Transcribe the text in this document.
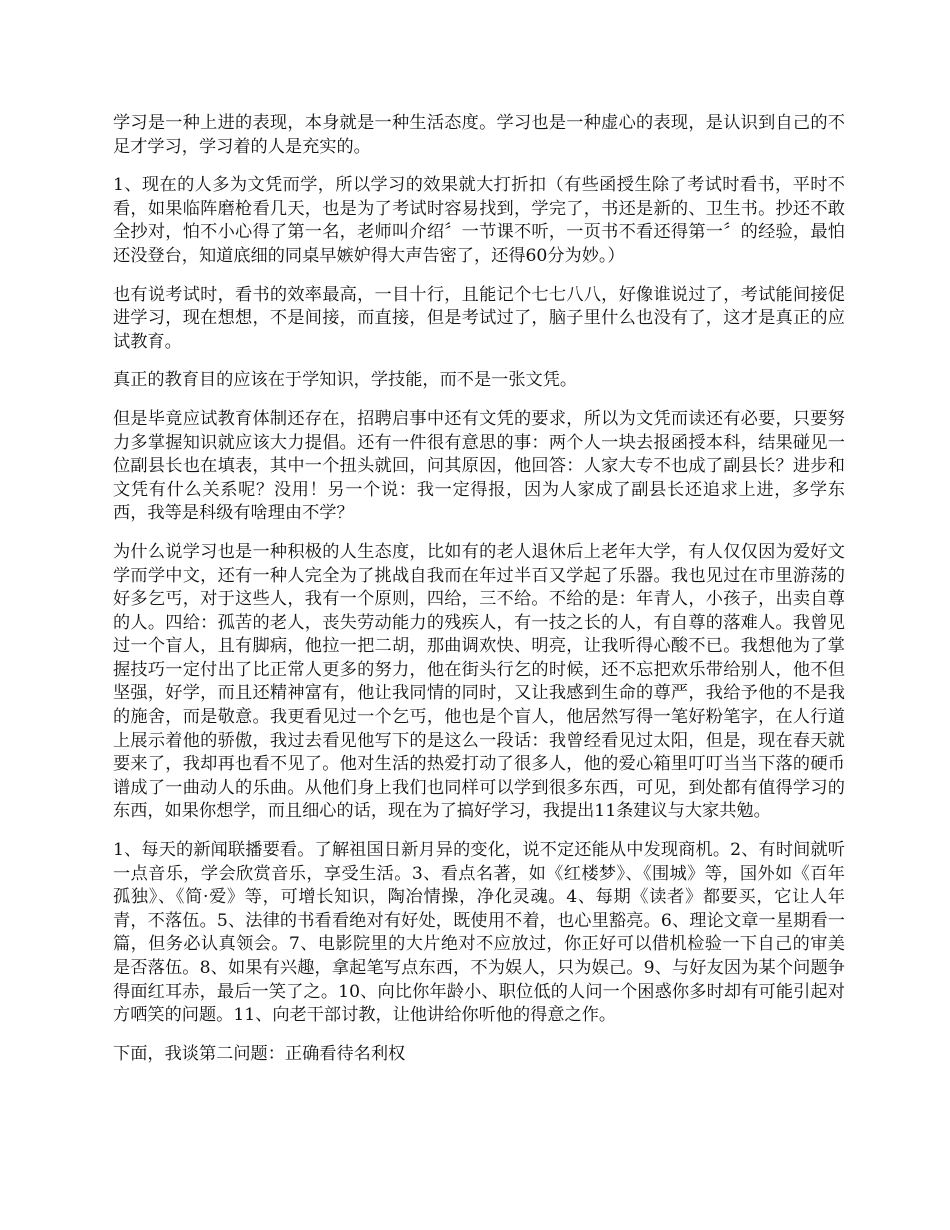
学习是一种上进的表现，本身就是一种生活态度。学习也是一种虚心的表现，是认识到自己的不足才学习，学习着的人是充实的。

1、现在的人多为文凭而学，所以学习的效果就大打折扣（有些函授生除了考试时看书，平时不看，如果临阵磨枪看几天，也是为了考试时容易找到，学完了，书还是新的、卫生书。抄还不敢全抄对，怕不小心得了第一名，老师叫介绍〞一节课不听，一页书不看还得第一〞的经验，最怕还没登台，知道底细的同桌早嫉妒得大声告密了，还得60分为妙。）

也有说考试时，看书的效率最高，一目十行，且能记个七七八八，好像谁说过了，考试能间接促进学习，现在想想，不是间接，而直接，但是考试过了，脑子里什么也没有了，这才是真正的应试教育。

真正的教育目的应该在于学知识，学技能，而不是一张文凭。

但是毕竟应试教育体制还存在，招聘启事中还有文凭的要求，所以为文凭而读还有必要，只要努力多掌握知识就应该大力提倡。还有一件很有意思的事：两个人一块去报函授本科，结果碰见一位副县长也在填表，其中一个扭头就回，问其原因，他回答：人家大专不也成了副县长？进步和文凭有什么关系呢？没用！另一个说：我一定得报，因为人家成了副县长还追求上进，多学东西，我等是科级有啥理由不学？

为什么说学习也是一种积极的人生态度，比如有的老人退休后上老年大学，有人仅仅因为爱好文学而学中文，还有一种人完全为了挑战自我而在年过半百又学起了乐器。我也见过在市里游荡的好多乞丐，对于这些人，我有一个原则，四给，三不给。不给的是：年青人，小孩子，出卖自尊的人。四给：孤苦的老人，丧失劳动能力的残疾人，有一技之长的人，有自尊的落难人。我曾见过一个盲人，且有脚病，他拉一把二胡，那曲调欢快、明亮，让我听得心酸不已。我想他为了掌握技巧一定付出了比正常人更多的努力，他在街头行乞的时候，还不忘把欢乐带给别人，他不但坚强，好学，而且还精神富有，他让我同情的同时，又让我感到生命的尊严，我给予他的不是我的施舍，而是敬意。我更看见过一个乞丐，他也是个盲人，他居然写得一笔好粉笔字，在人行道上展示着他的骄傲，我过去看见他写下的是这么一段话：我曾经看见过太阳，但是，现在春天就要来了，我却再也看不见了。他对生活的热爱打动了很多人，他的爱心箱里叮叮当当下落的硬币谱成了一曲动人的乐曲。从他们身上我们也同样可以学到很多东西，可见，到处都有值得学习的东西，如果你想学，而且细心的话，现在为了搞好学习，我提出11条建议与大家共勉。

1、每天的新闻联播要看。了解祖国日新月异的变化，说不定还能从中发现商机。2、有时间就听一点音乐，学会欣赏音乐，享受生活。3、看点名著，如《红楼梦》、《围城》等，国外如《百年孤独》、《简·爱》等，可增长知识，陶冶情操，净化灵魂。4、每期《读者》都要买，它让人年青，不落伍。5、法律的书看看绝对有好处，既使用不着，也心里豁亮。6、理论文章一星期看一篇，但务必认真领会。7、电影院里的大片绝对不应放过，你正好可以借机检验一下自己的审美是否落伍。8、如果有兴趣，拿起笔写点东西，不为娱人，只为娱己。9、与好友因为某个问题争得面红耳赤，最后一笑了之。10、向比你年龄小、职位低的人问一个困惑你多时却有可能引起对方哂笑的问题。11、向老干部讨教，让他讲给你听他的得意之作。

下面，我谈第二问题：正确看待名利权
